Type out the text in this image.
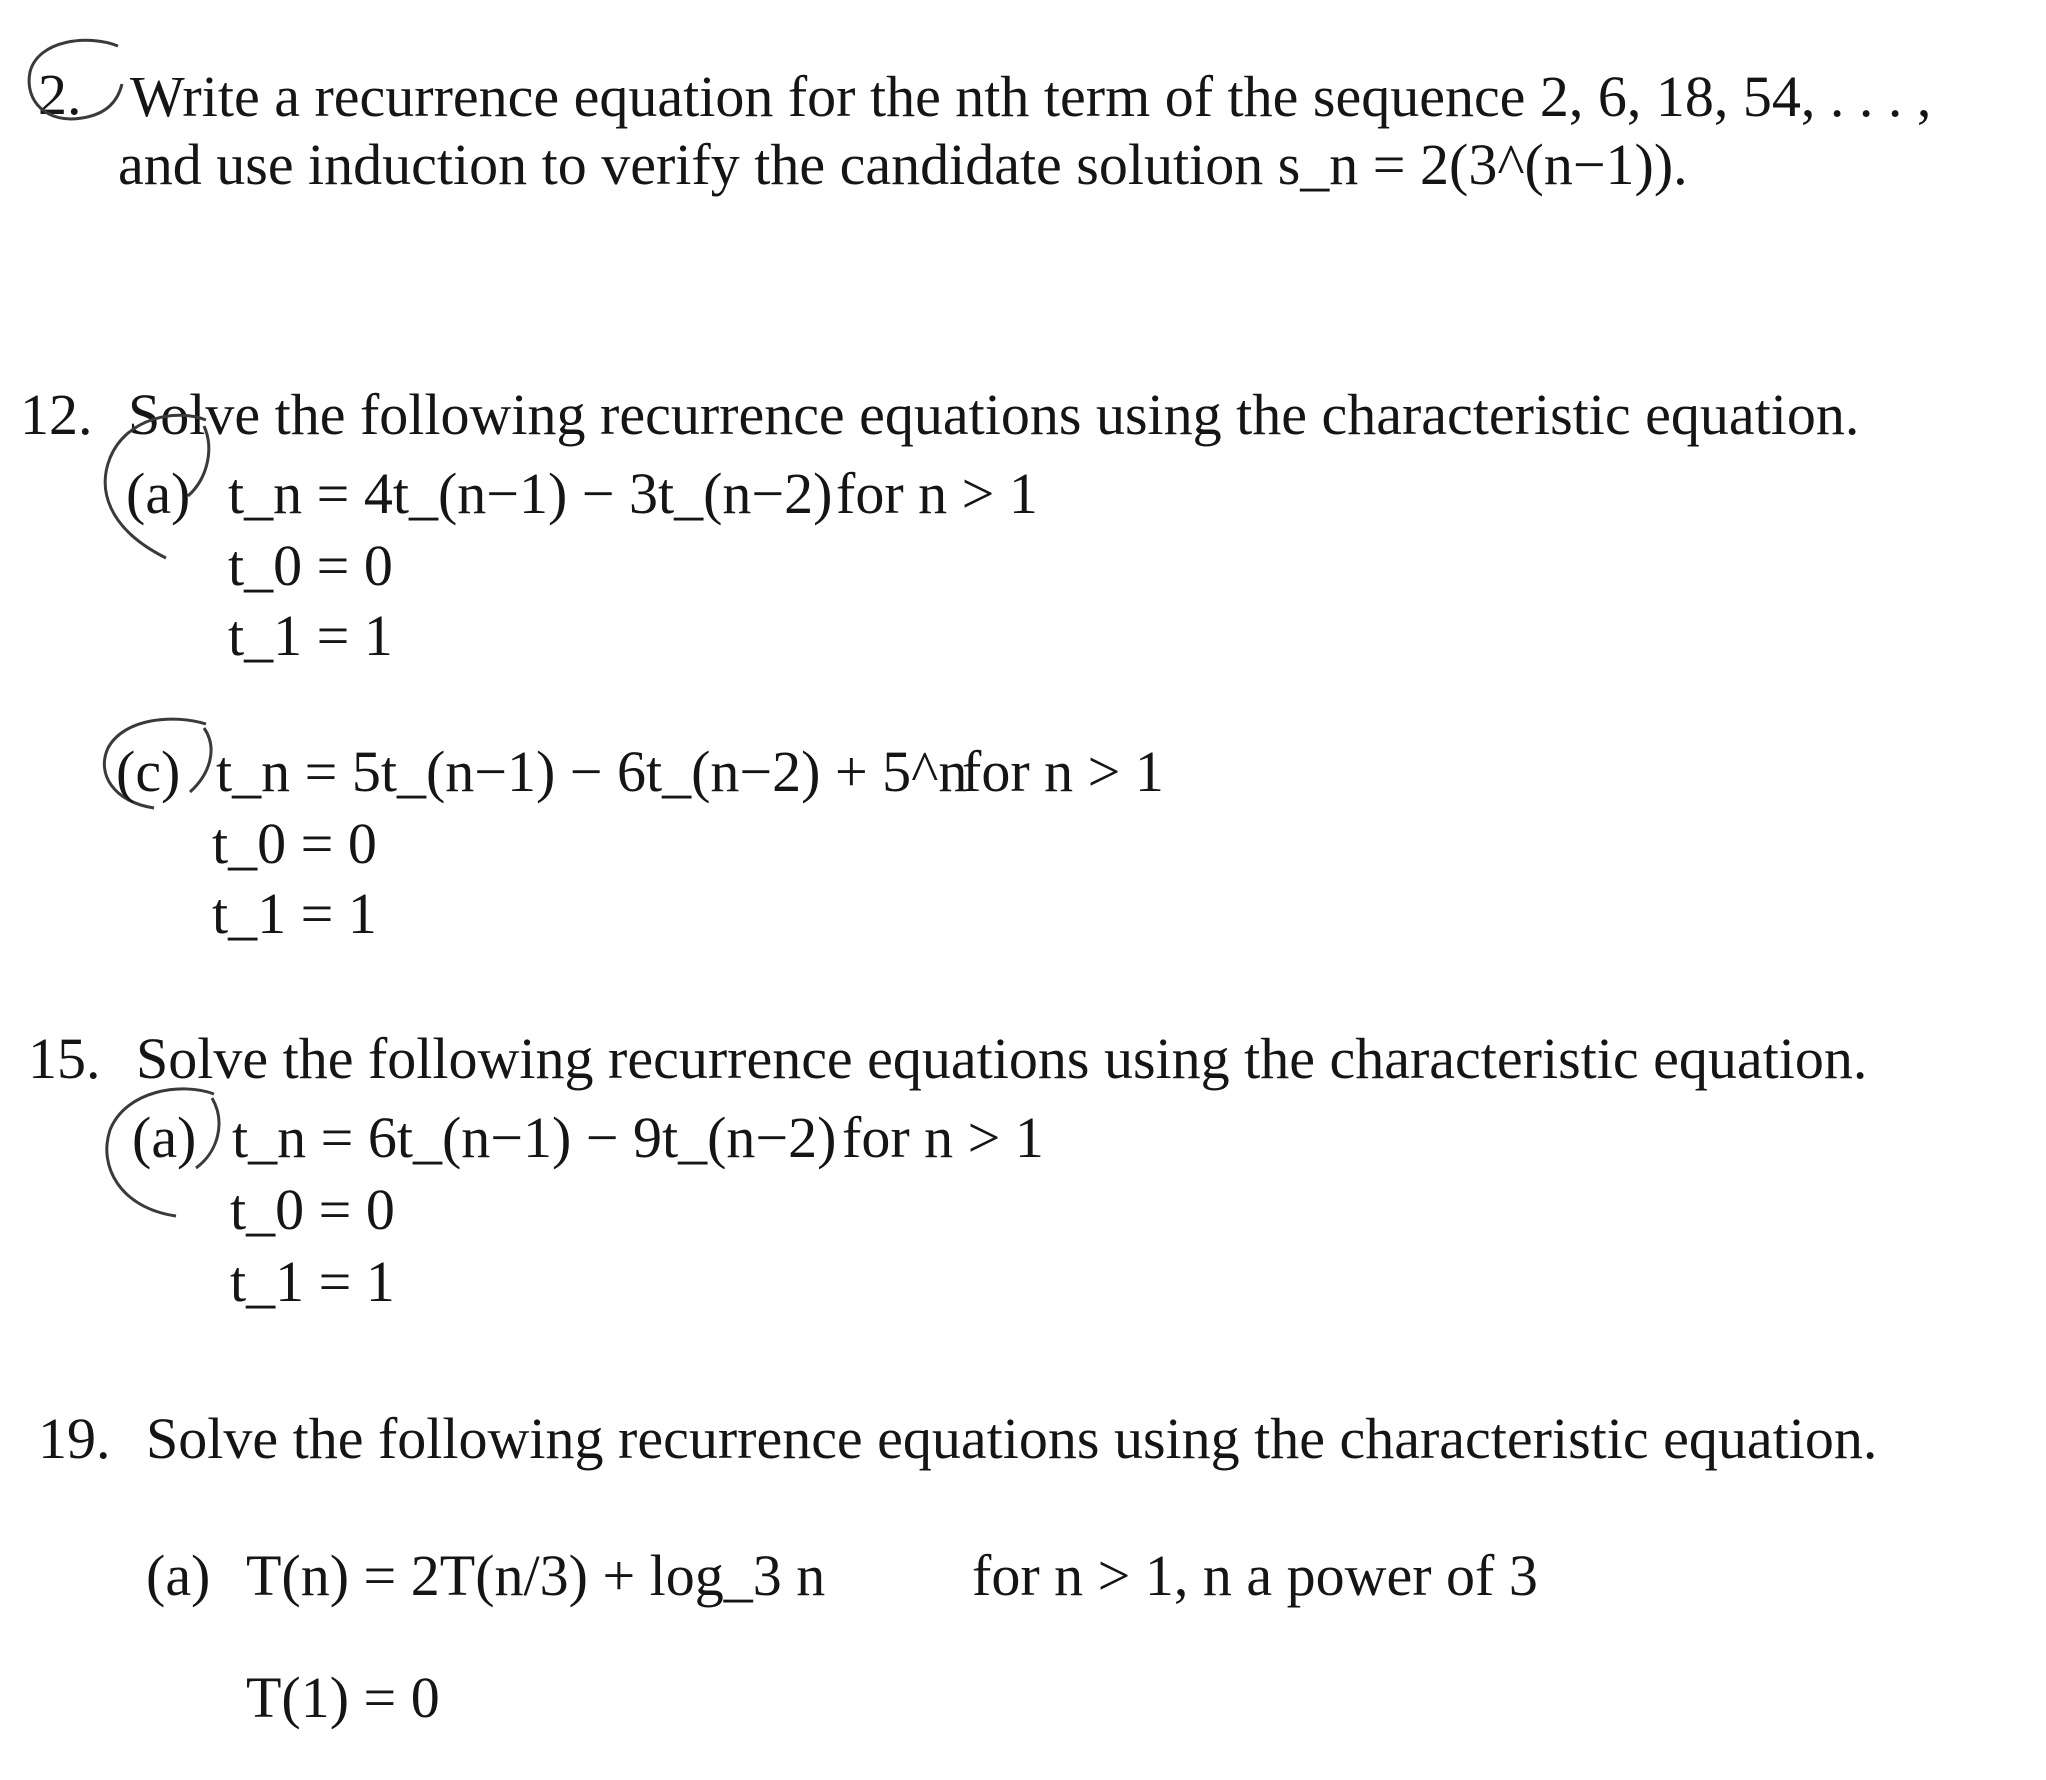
2. Write a recurrence equation for the nth term of the sequence 2, 6, 18, 54, . . . ,
and use induction to verify the candidate solution s_n = 2(3^(n−1)).
12. Solve the following recurrence equations using the characteristic equation.
(a) t_n = 4t_(n−1) − 3t_(n−2) for n > 1
t_0 = 0
t_1 = 1
(c) t_n = 5t_(n−1) − 6t_(n−2) + 5^n
for n > 1
t_0 = 0
t_1 = 1
15. Solve the following recurrence equations using the characteristic equation.
(a) t_n = 6t_(n−1) − 9t_(n−2) for n > 1
t_0 = 0
t_1 = 1
19. Solve the following recurrence equations using the characteristic equation.
(a) T(n) = 2T(n/3) + log_3 n	for n > 1, n a power of 3
T(1) = 0
